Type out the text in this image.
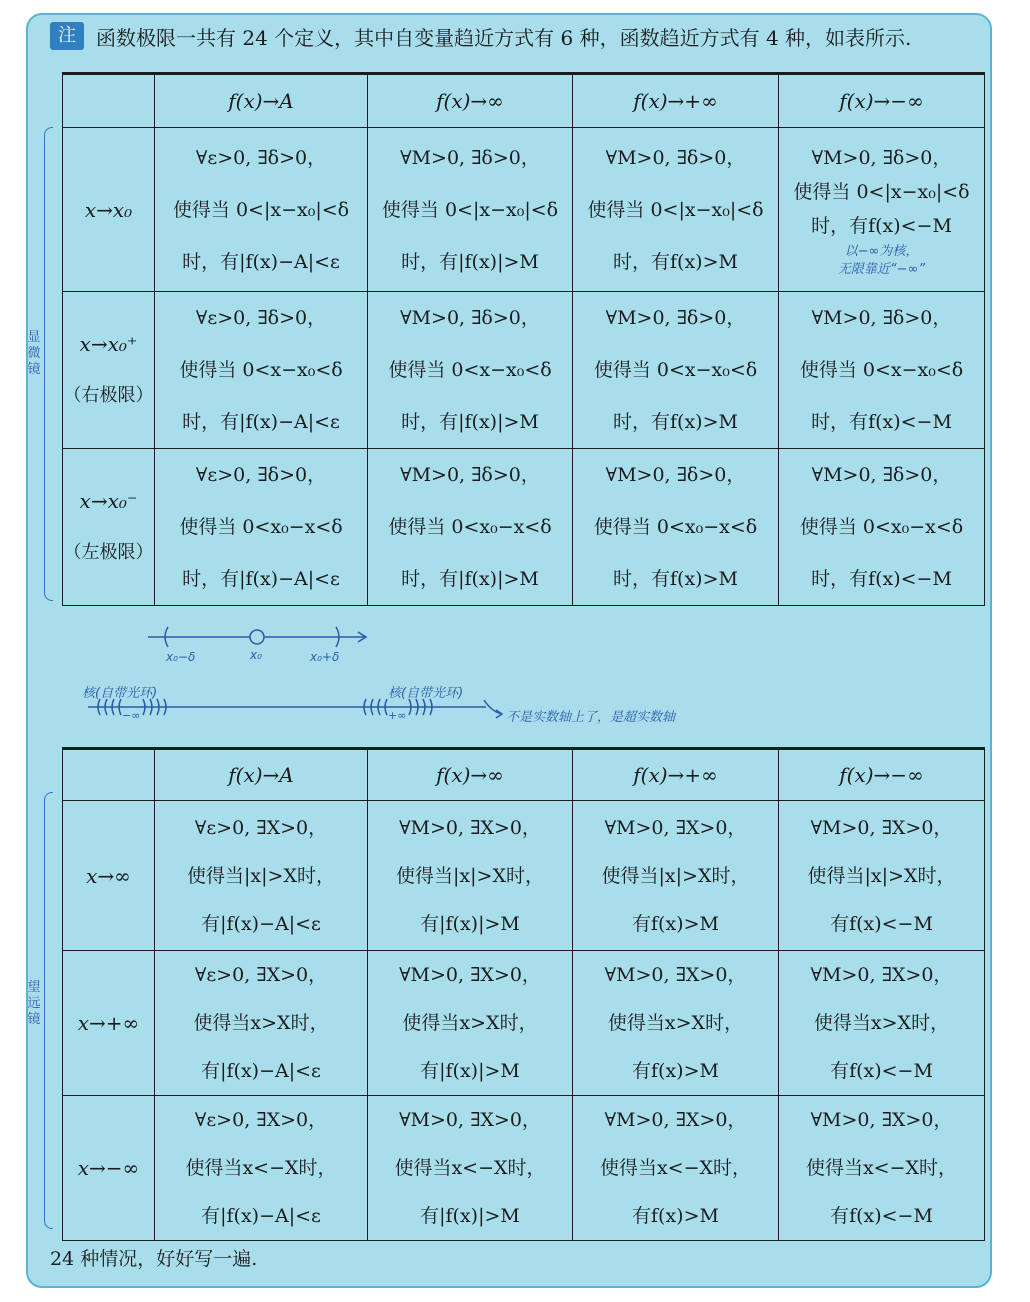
注	函数极限一共有 24 个定义，其中自变量趋近方式有 6 种，函数趋近方式有 4 种，如表所示.
显微镜
望远镜
	f(x)→A	f(x)→∞	f(x)→+∞	f(x)→−∞

x→x₀	∀ε>0, ∃δ>0，
使得当 0<|x−x₀|<δ
时，有|f(x)−A|<ε	∀M>0, ∃δ>0，
使得当 0<|x−x₀|<δ
时，有|f(x)|>M	∀M>0, ∃δ>0，
使得当 0<|x−x₀|<δ
时，有f(x)>M	∀M>0, ∃δ>0，
使得当 0<|x−x₀|<δ
时，有f(x)<−M
以−∞为核，
无限靠近“−∞”

x→x₀⁺
（右极限）	∀ε>0, ∃δ>0，
使得当 0<x−x₀<δ
时，有|f(x)−A|<ε	∀M>0, ∃δ>0，
使得当 0<x−x₀<δ
时，有|f(x)|>M	∀M>0, ∃δ>0，
使得当 0<x−x₀<δ
时，有f(x)>M	∀M>0, ∃δ>0，
使得当 0<x−x₀<δ
时，有f(x)<−M

x→x₀⁻
（左极限）	∀ε>0, ∃δ>0，
使得当 0<x₀−x<δ
时，有|f(x)−A|<ε	∀M>0, ∃δ>0，
使得当 0<x₀−x<δ
时，有|f(x)|>M	∀M>0, ∃δ>0，
使得当 0<x₀−x<δ
时，有f(x)>M	∀M>0, ∃δ>0，
使得当 0<x₀−x<δ
时，有f(x)<−M
x₀−δ	x₀	x₀+δ
核(自带光环)	核(自带光环)
−∞	+∞	不是实数轴上了，是超实数轴
	f(x)→A	f(x)→∞	f(x)→+∞	f(x)→−∞

x→∞	∀ε>0, ∃X>0，
使得当|x|>X时，
有|f(x)−A|<ε	∀M>0, ∃X>0，
使得当|x|>X时，
有|f(x)|>M	∀M>0, ∃X>0，
使得当|x|>X时，
有f(x)>M	∀M>0, ∃X>0，
使得当|x|>X时，
有f(x)<−M

x→+∞	∀ε>0, ∃X>0，
使得当x>X时，
有|f(x)−A|<ε	∀M>0, ∃X>0，
使得当x>X时，
有|f(x)|>M	∀M>0, ∃X>0，
使得当x>X时，
有f(x)>M	∀M>0, ∃X>0，
使得当x>X时，
有f(x)<−M

x→−∞	∀ε>0, ∃X>0，
使得当x<−X时，
有|f(x)−A|<ε	∀M>0, ∃X>0，
使得当x<−X时，
有|f(x)|>M	∀M>0, ∃X>0，
使得当x<−X时，
有f(x)>M	∀M>0, ∃X>0，
使得当x<−X时，
有f(x)<−M
24 种情况，好好写一遍.
